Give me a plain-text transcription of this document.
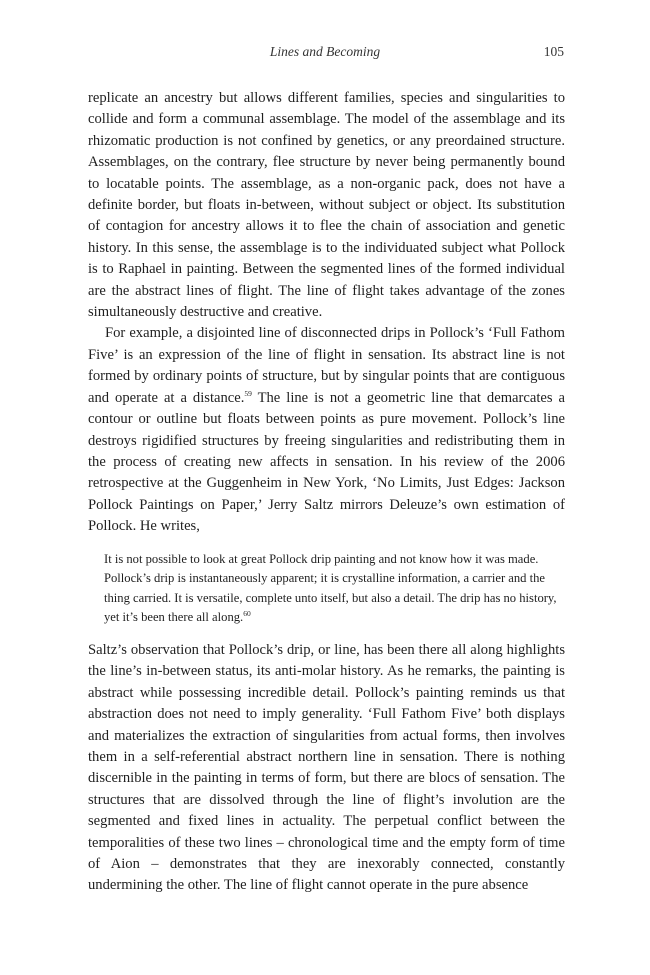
Lines and Becoming	105

replicate an ancestry but allows different families, species and singularities to collide and form a communal assemblage. The model of the assemblage and its rhizomatic production is not confined by genetics, or any preordained structure. Assemblages, on the contrary, flee structure by never being permanently bound to locatable points. The assemblage, as a non-organic pack, does not have a definite border, but floats in-between, without subject or object. Its substitution of contagion for ancestry allows it to flee the chain of association and genetic history. In this sense, the assemblage is to the individuated subject what Pollock is to Raphael in painting. Between the segmented lines of the formed individual are the abstract lines of flight. The line of flight takes advantage of the zones simultaneously destructive and creative.

For example, a disjointed line of disconnected drips in Pollock’s ‘Full Fathom Five’ is an expression of the line of flight in sensation. Its abstract line is not formed by ordinary points of structure, but by singular points that are contiguous and operate at a distance.$^{59}$ The line is not a geometric line that demarcates a contour or outline but floats between points as pure movement. Pollock’s line destroys rigidified structures by freeing singularities and redistributing them in the process of creating new affects in sensation. In his review of the 2006 retrospective at the Guggenheim in New York, ‘No Limits, Just Edges: Jackson Pollock Paintings on Paper,’ Jerry Saltz mirrors Deleuze’s own estimation of Pollock. He writes,

It is not possible to look at great Pollock drip painting and not know how it was made. Pollock’s drip is instantaneously apparent; it is crystalline information, a carrier and the thing carried. It is versatile, complete unto itself, but also a detail. The drip has no history, yet it’s been there all along.$^{60}$

Saltz’s observation that Pollock’s drip, or line, has been there all along highlights the line’s in-between status, its anti-molar history. As he remarks, the painting is abstract while possessing incredible detail. Pollock’s painting reminds us that abstraction does not need to imply generality. ‘Full Fathom Five’ both displays and materializes the extraction of singularities from actual forms, then involves them in a self-referential abstract northern line in sensation. There is nothing discernible in the painting in terms of form, but there are blocs of sensation. The structures that are dissolved through the line of flight’s involution are the segmented and fixed lines in actuality. The perpetual conflict between the temporalities of these two lines – chronological time and the empty form of time of Aion – demonstrates that they are inexorably connected, constantly undermining the other. The line of flight cannot operate in the pure absence
